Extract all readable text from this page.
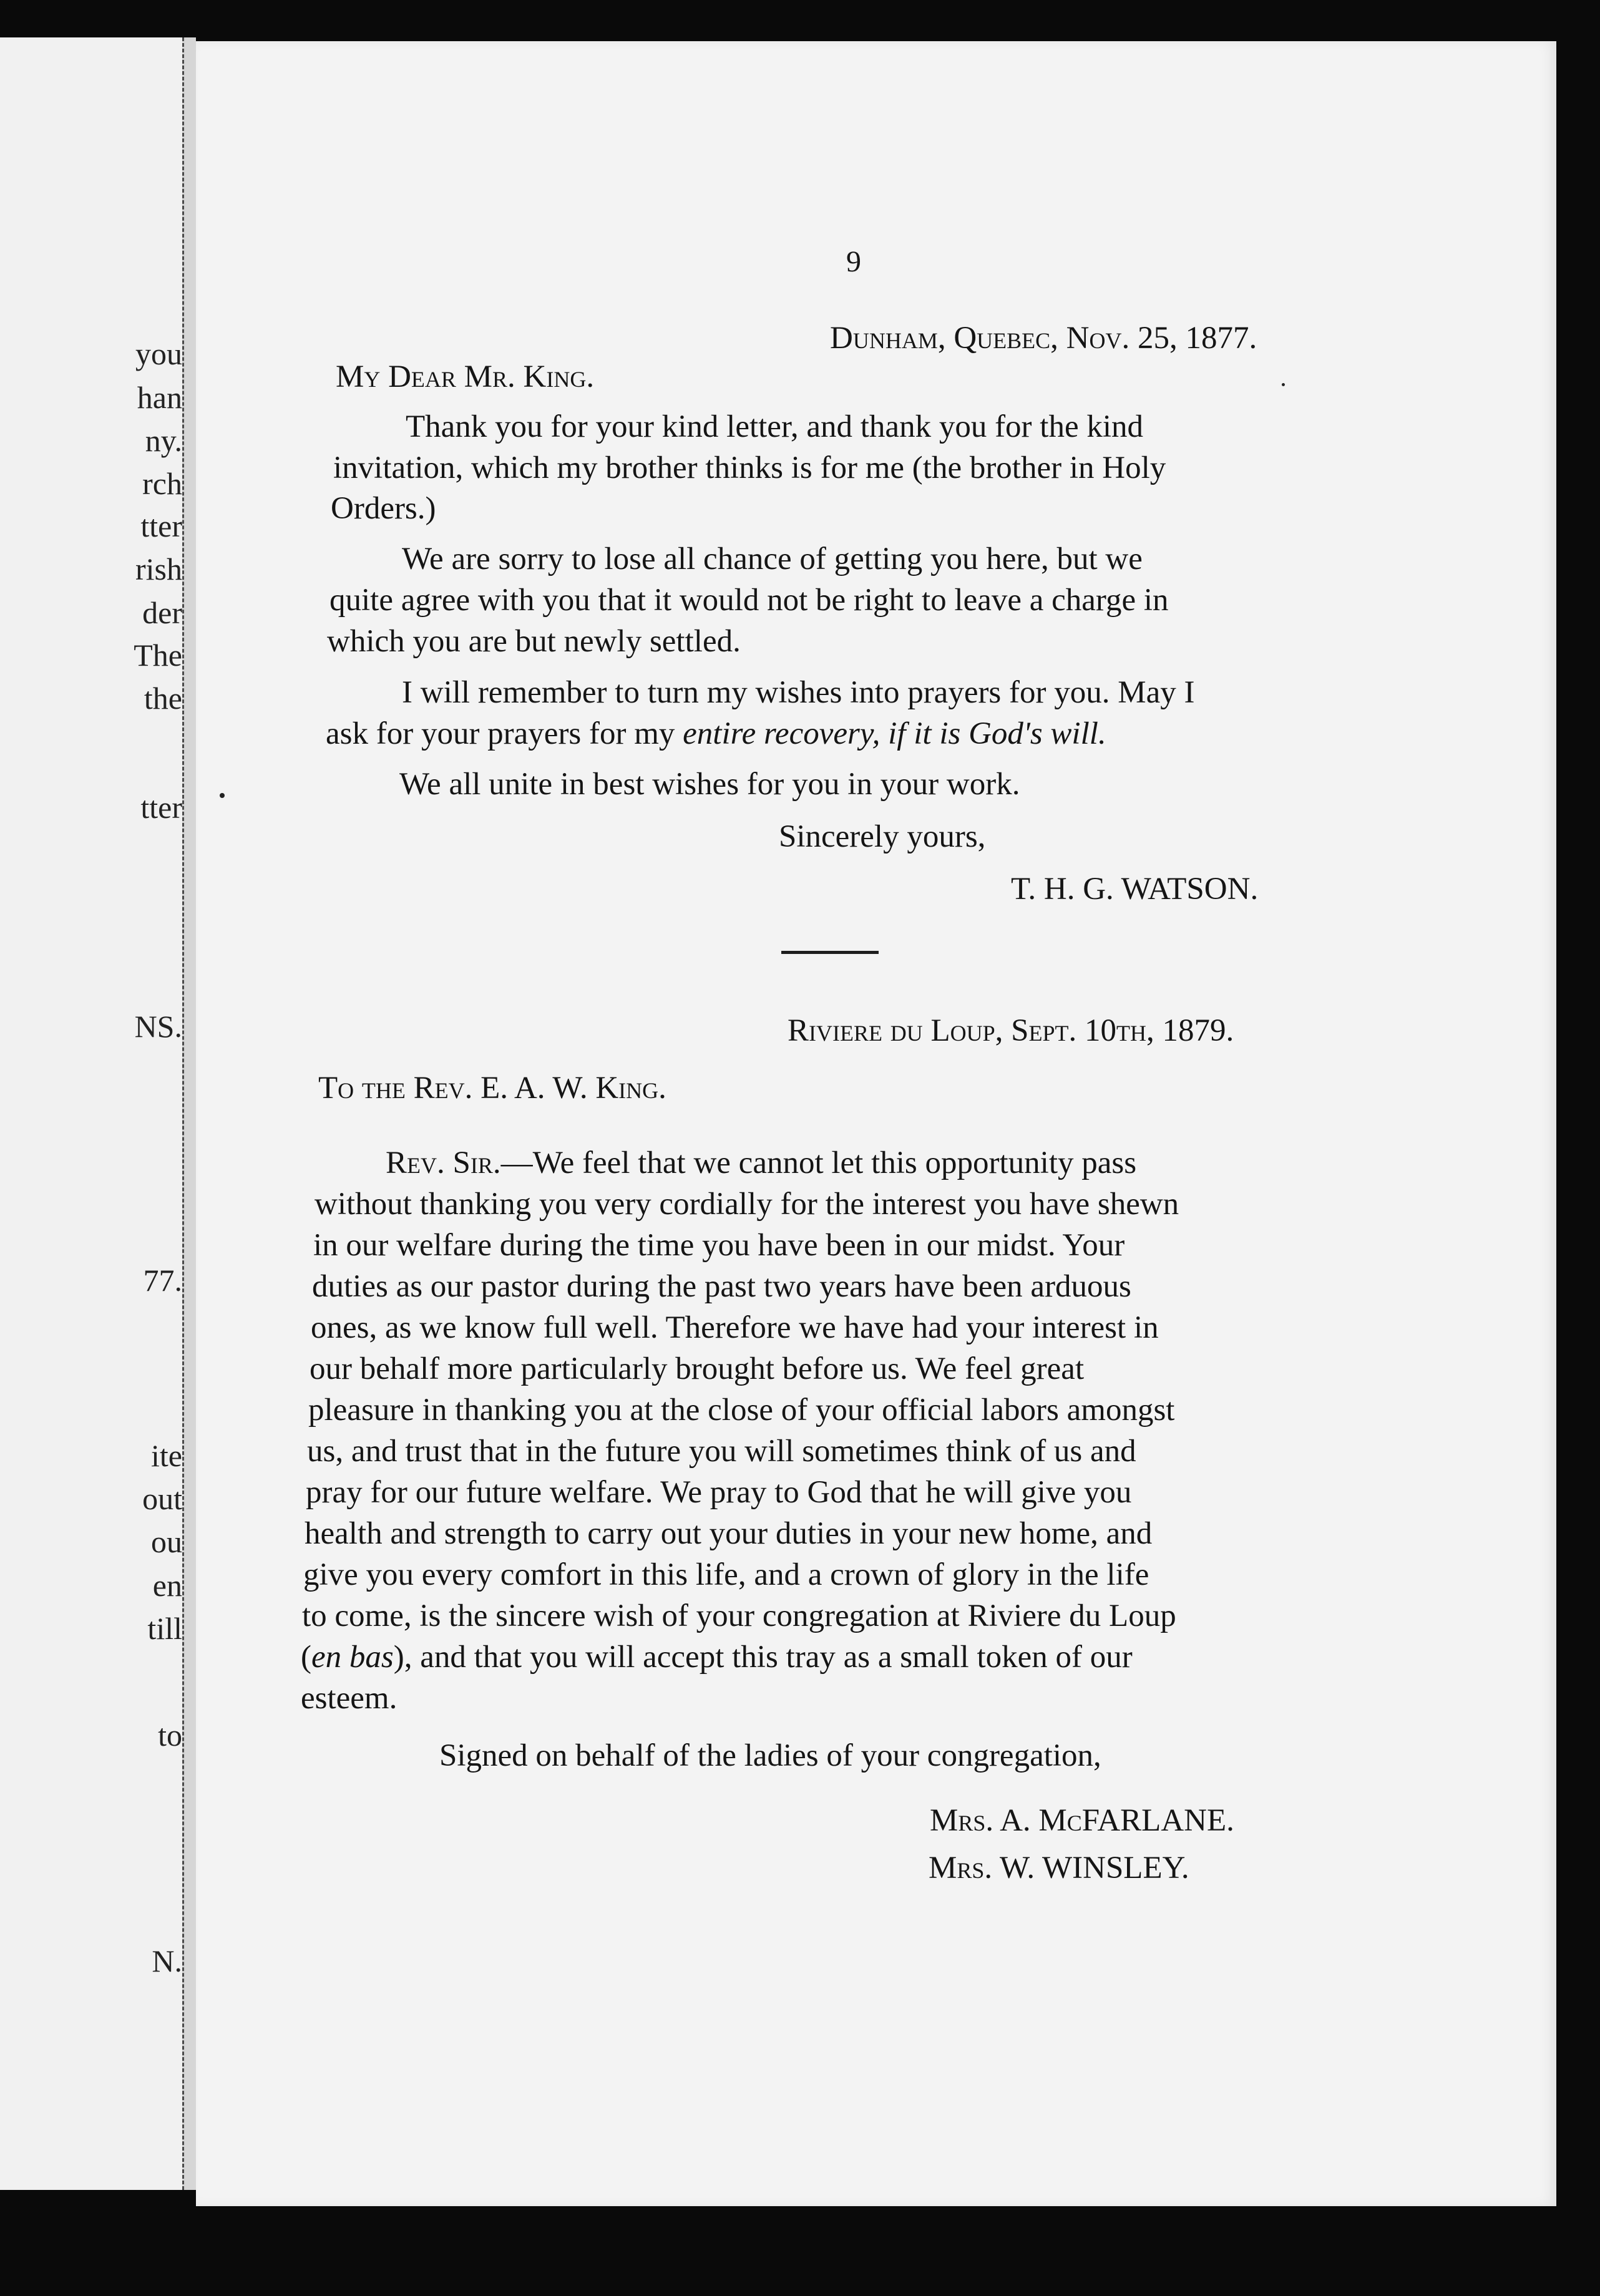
you
han
ny.
rch
tter
rish
der
The
the
tter
NS.
77.
ite
out
ou
en
till
to
N.
9
Dunham, Quebec, Nov. 25, 1877.
My Dear Mr. King.
Thank you for your kind letter, and thank you for the kind
invitation, which my brother thinks is for me (the brother in Holy
Orders.)
We are sorry to lose all chance of getting you here, but we
quite agree with you that it would not be right to leave a charge in
which you are but newly settled.
I will remember to turn my wishes into prayers for you. May I
ask for your prayers for my entire recovery, if it is God's will.
We all unite in best wishes for you in your work.
Sincerely yours,
T. H. G. WATSON.
Riviere du Loup, Sept. 10th, 1879.
To the Rev. E. A. W. King.
Rev. Sir.—We feel that we cannot let this opportunity pass
without thanking you very cordially for the interest you have shewn
in our welfare during the time you have been in our midst. Your
duties as our pastor during the past two years have been arduous
ones, as we know full well. Therefore we have had your interest in
our behalf more particularly brought before us. We feel great
pleasure in thanking you at the close of your official labors amongst
us, and trust that in the future you will sometimes think of us and
pray for our future welfare. We pray to God that he will give you
health and strength to carry out your duties in your new home, and
give you every comfort in this life, and a crown of glory in the life
to come, is the sincere wish of your congregation at Riviere du Loup
(en bas), and that you will accept this tray as a small token of our
esteem.
Signed on behalf of the ladies of your congregation,
Mrs. A. McFARLANE.
Mrs. W. WINSLEY.
